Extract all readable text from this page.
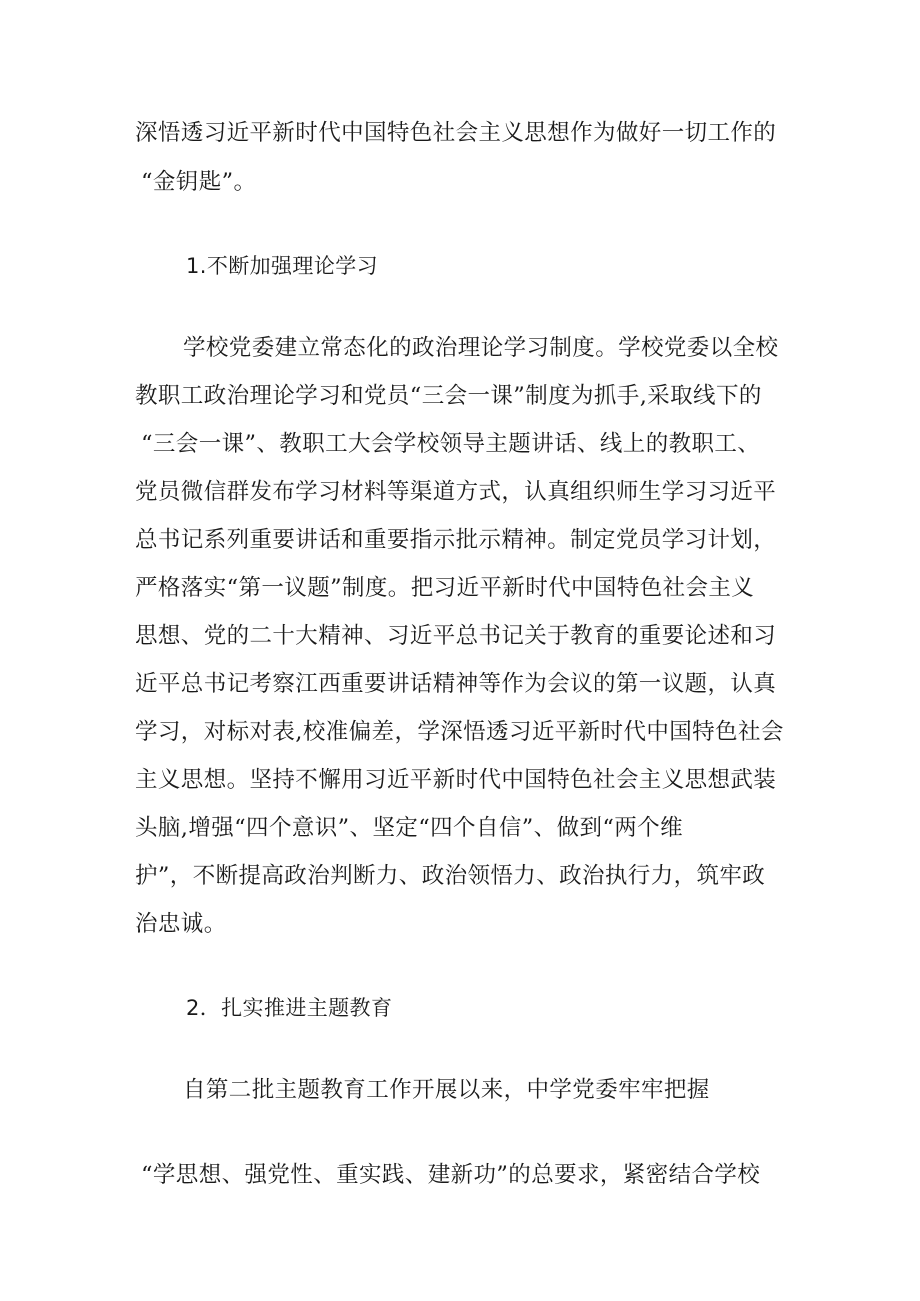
深悟透习近平新时代中国特色社会主义思想作为做好一切工作的
“金钥匙”。
1.不断加强理论学习
学校党委建立常态化的政治理论学习制度。学校党委以全校
教职工政治理论学习和党员“三会一课”制度为抓手,采取线下的
“三会一课”、教职工大会学校领导主题讲话、线上的教职工、
党员微信群发布学习材料等渠道方式，认真组织师生学习习近平
总书记系列重要讲话和重要指示批示精神。制定党员学习计划，
严格落实“第一议题”制度。把习近平新时代中国特色社会主义
思想、党的二十大精神、习近平总书记关于教育的重要论述和习
近平总书记考察江西重要讲话精神等作为会议的第一议题，认真
学习，对标对表,校准偏差，学深悟透习近平新时代中国特色社会
主义思想。坚持不懈用习近平新时代中国特色社会主义思想武装
头脑,增强“四个意识”、坚定“四个自信”、做到“两个维
护”，不断提高政治判断力、政治领悟力、政治执行力，筑牢政
治忠诚。
2．扎实推进主题教育
自第二批主题教育工作开展以来，中学党委牢牢把握
“学思想、强党性、重实践、建新功”的总要求，紧密结合学校
